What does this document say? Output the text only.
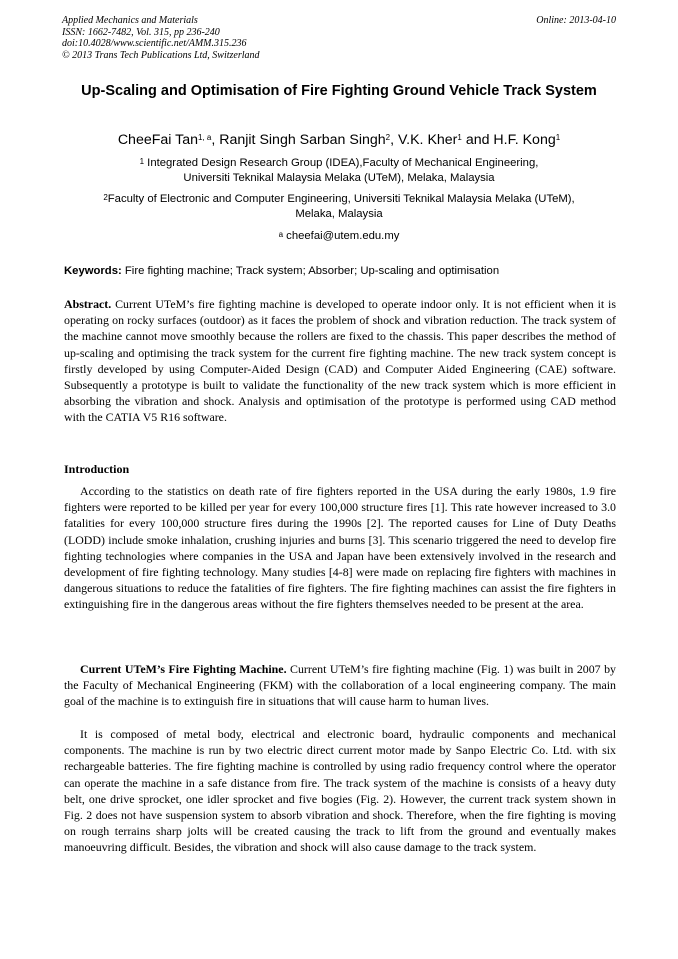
Applied Mechanics and Materials
ISSN: 1662-7482, Vol. 315, pp 236-240
doi:10.4028/www.scientific.net/AMM.315.236
© 2013 Trans Tech Publications Ltd, Switzerland
Online: 2013-04-10
Up-Scaling and Optimisation of Fire Fighting Ground Vehicle Track System
CheeFai Tan$^{1, a}$, Ranjit Singh Sarban Singh$^2$, V.K. Kher$^1$ and H.F. Kong$^1$
$^1$ Integrated Design Research Group (IDEA),Faculty of Mechanical Engineering,
Universiti Teknikal Malaysia Melaka (UTeM), Melaka, Malaysia
$^2$Faculty of Electronic and Computer Engineering, Universiti Teknikal Malaysia Melaka (UTeM),
Melaka, Malaysia
$^a$ cheefai@utem.edu.my
Keywords: Fire fighting machine; Track system; Absorber; Up-scaling and optimisation

Abstract. Current UTeM’s fire fighting machine is developed to operate indoor only. It is not efficient when it is operating on rocky surfaces (outdoor) as it faces the problem of shock and vibration reduction. The track system of the machine cannot move smoothly because the rollers are fixed to the chassis. This paper describes the method of up-scaling and optimising the track system for the current fire fighting machine. The new track system concept is firstly developed by using Computer-Aided Design (CAD) and Computer Aided Engineering (CAE) software. Subsequently a prototype is built to validate the functionality of the new track system which is more efficient in absorbing the vibration and shock. Analysis and optimisation of the prototype is performed using CAD method with the CATIA V5 R16 software.

Introduction

According to the statistics on death rate of fire fighters reported in the USA during the early 1980s, 1.9 fire fighters were reported to be killed per year for every 100,000 structure fires [1]. This rate however increased to 3.0 fatalities for every 100,000 structure fires during the 1990s [2]. The reported causes for Line of Duty Deaths (LODD) include smoke inhalation, crushing injuries and burns [3]. This scenario triggered the need to develop fire fighting technologies where companies in the USA and Japan have been extensively involved in the research and development of fire fighting technology. Many studies [4-8] were made on replacing fire fighters with machines in dangerous situations to reduce the fatalities of fire fighters. The fire fighting machines can assist the fire fighters in extinguishing fire in the dangerous areas without the fire fighters themselves needed to be present at the area.

Current UTeM’s Fire Fighting Machine. Current UTeM’s fire fighting machine (Fig. 1) was built in 2007 by the Faculty of Mechanical Engineering (FKM) with the collaboration of a local engineering company. The main goal of the machine is to extinguish fire in situations that will cause harm to human lives.

It is composed of metal body, electrical and electronic board, hydraulic components and mechanical components. The machine is run by two electric direct current motor made by Sanpo Electric Co. Ltd. with six rechargeable batteries. The fire fighting machine is controlled by using radio frequency control where the operator can operate the machine in a safe distance from fire. The track system of the machine is consists of a heavy duty belt, one drive sprocket, one idler sprocket and five bogies (Fig. 2). However, the current track system shown in Fig. 2 does not have suspension system to absorb vibration and shock. Therefore, when the fire fighting is moving on rough terrains sharp jolts will be created causing the track to lift from the ground and eventually makes manoeuvring difficult. Besides, the vibration and shock will also cause damage to the track system.
